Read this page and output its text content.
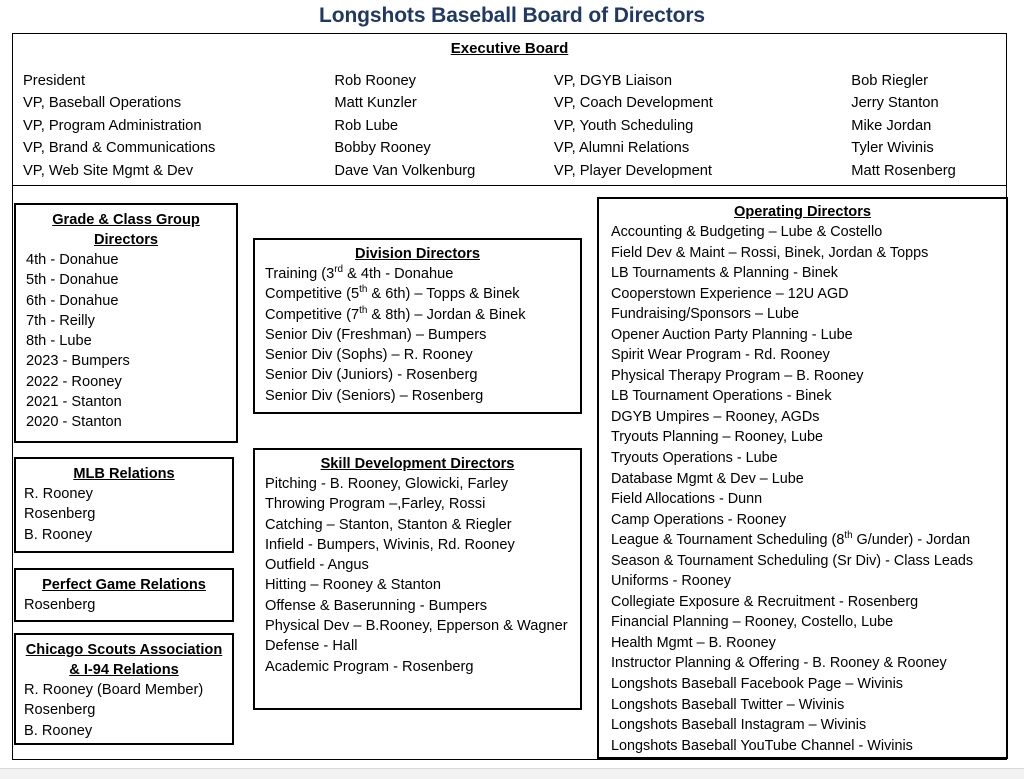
Longshots Baseball Board of Directors
Executive Board
President	Rob Rooney	VP, DGYB Liaison	Bob Riegler
VP, Baseball Operations	Matt Kunzler	VP, Coach Development	Jerry Stanton
VP, Program Administration	Rob Lube	VP, Youth Scheduling	Mike Jordan
VP, Brand & Communications	Bobby Rooney	VP, Alumni Relations	Tyler Wivinis
VP, Web Site Mgmt & Dev	Dave Van Volkenburg	VP, Player Development	Matt Rosenberg
Grade & Class Group
Directors
4th - Donahue
5th - Donahue
6th - Donahue
7th - Reilly
8th - Lube
2023 - Bumpers
2022 - Rooney
2021 - Stanton
2020 - Stanton
MLB Relations
R. Rooney
Rosenberg
B. Rooney
Perfect Game Relations
Rosenberg
Chicago Scouts Association
& I-94 Relations
R. Rooney (Board Member)
Rosenberg
B. Rooney
Division Directors
Training (3rd & 4th - Donahue
Competitive (5th & 6th) – Topps & Binek
Competitive (7th & 8th) – Jordan & Binek
Senior Div (Freshman) – Bumpers
Senior Div (Sophs) – R. Rooney
Senior Div (Juniors) - Rosenberg
Senior Div (Seniors) – Rosenberg
Skill Development Directors
Pitching - B. Rooney, Glowicki, Farley
Throwing Program –,Farley, Rossi
Catching – Stanton, Stanton & Riegler
Infield - Bumpers, Wivinis, Rd. Rooney
Outfield - Angus
Hitting – Rooney & Stanton
Offense & Baserunning - Bumpers
Physical Dev – B.Rooney, Epperson & Wagner
Defense - Hall
Academic Program - Rosenberg
Operating Directors
Accounting & Budgeting – Lube & Costello
Field Dev & Maint – Rossi, Binek, Jordan & Topps
LB Tournaments & Planning - Binek
Cooperstown Experience – 12U AGD
Fundraising/Sponsors – Lube
Opener Auction Party Planning - Lube
Spirit Wear Program - Rd. Rooney
Physical Therapy Program – B. Rooney
LB Tournament Operations - Binek
DGYB Umpires – Rooney, AGDs
Tryouts Planning – Rooney, Lube
Tryouts Operations - Lube
Database Mgmt & Dev – Lube
Field Allocations - Dunn
Camp Operations - Rooney
League & Tournament Scheduling (8th G/under) - Jordan
Season & Tournament Scheduling (Sr Div) - Class Leads
Uniforms - Rooney
Collegiate Exposure & Recruitment - Rosenberg
Financial Planning – Rooney, Costello, Lube
Health Mgmt – B. Rooney
Instructor Planning & Offering - B. Rooney & Rooney
Longshots Baseball Facebook Page – Wivinis
Longshots Baseball Twitter – Wivinis
Longshots Baseball Instagram – Wivinis
Longshots Baseball YouTube Channel - Wivinis
